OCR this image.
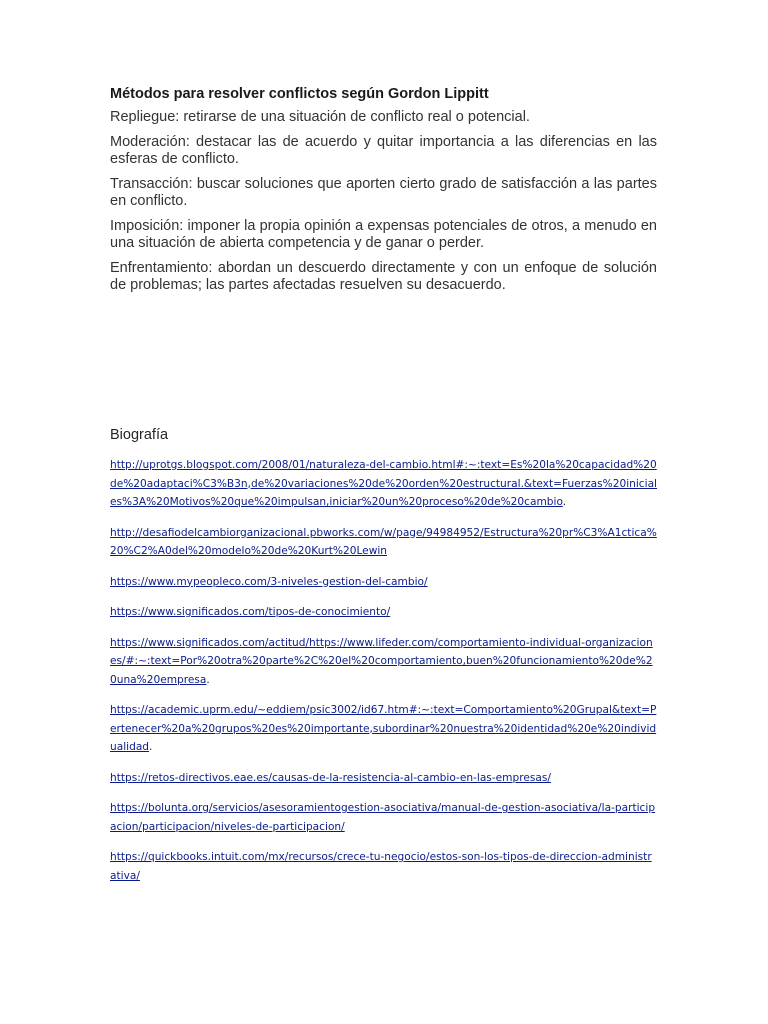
Métodos para resolver conflictos según Gordon Lippitt

Repliegue: retirarse de una situación de conflicto real o potencial.

Moderación: destacar las de acuerdo y quitar importancia a las diferencias en las esferas de conflicto.

Transacción: buscar soluciones que aporten cierto grado de satisfacción a las partes en conflicto.

Imposición: imponer la propia opinión a expensas potenciales de otros, a menudo en una situación de abierta competencia y de ganar o perder.

Enfrentamiento: abordan un descuerdo directamente y con un enfoque de solución de problemas; las partes afectadas resuelven su desacuerdo.

Biografía
http://uprotgs.blogspot.com/2008/01/naturaleza-del-cambio.html#:~:text=Es%20la%20capacidad%20de%20adaptaci%C3%B3n,de%20variaciones%20de%20orden%20estructural.&text=Fuerzas%20iniciales%3A%20Motivos%20que%20impulsan,iniciar%20un%20proceso%20de%20cambio.
http://desafiodelcambiorganizacional.pbworks.com/w/page/94984952/Estructura%20pr%C3%A1ctica%20%C2%A0del%20modelo%20de%20Kurt%20Lewin
https://www.mypeopleco.com/3-niveles-gestion-del-cambio/
https://www.significados.com/tipos-de-conocimiento/
https://www.significados.com/actitud/https://www.lifeder.com/comportamiento-individual-organizaciones/#:~:text=Por%20otra%20parte%2C%20el%20comportamiento,buen%20funcionamiento%20de%20una%20empresa.
https://academic.uprm.edu/~eddiem/psic3002/id67.htm#:~:text=Comportamiento%20Grupal&text=Pertenecer%20a%20grupos%20es%20importante,subordinar%20nuestra%20identidad%20e%20individualidad.
https://retos-directivos.eae.es/causas-de-la-resistencia-al-cambio-en-las-empresas/
https://bolunta.org/servicios/asesoramientogestion-asociativa/manual-de-gestion-asociativa/la-participacion/participacion/niveles-de-participacion/
https://quickbooks.intuit.com/mx/recursos/crece-tu-negocio/estos-son-los-tipos-de-direccion-administrativa/
